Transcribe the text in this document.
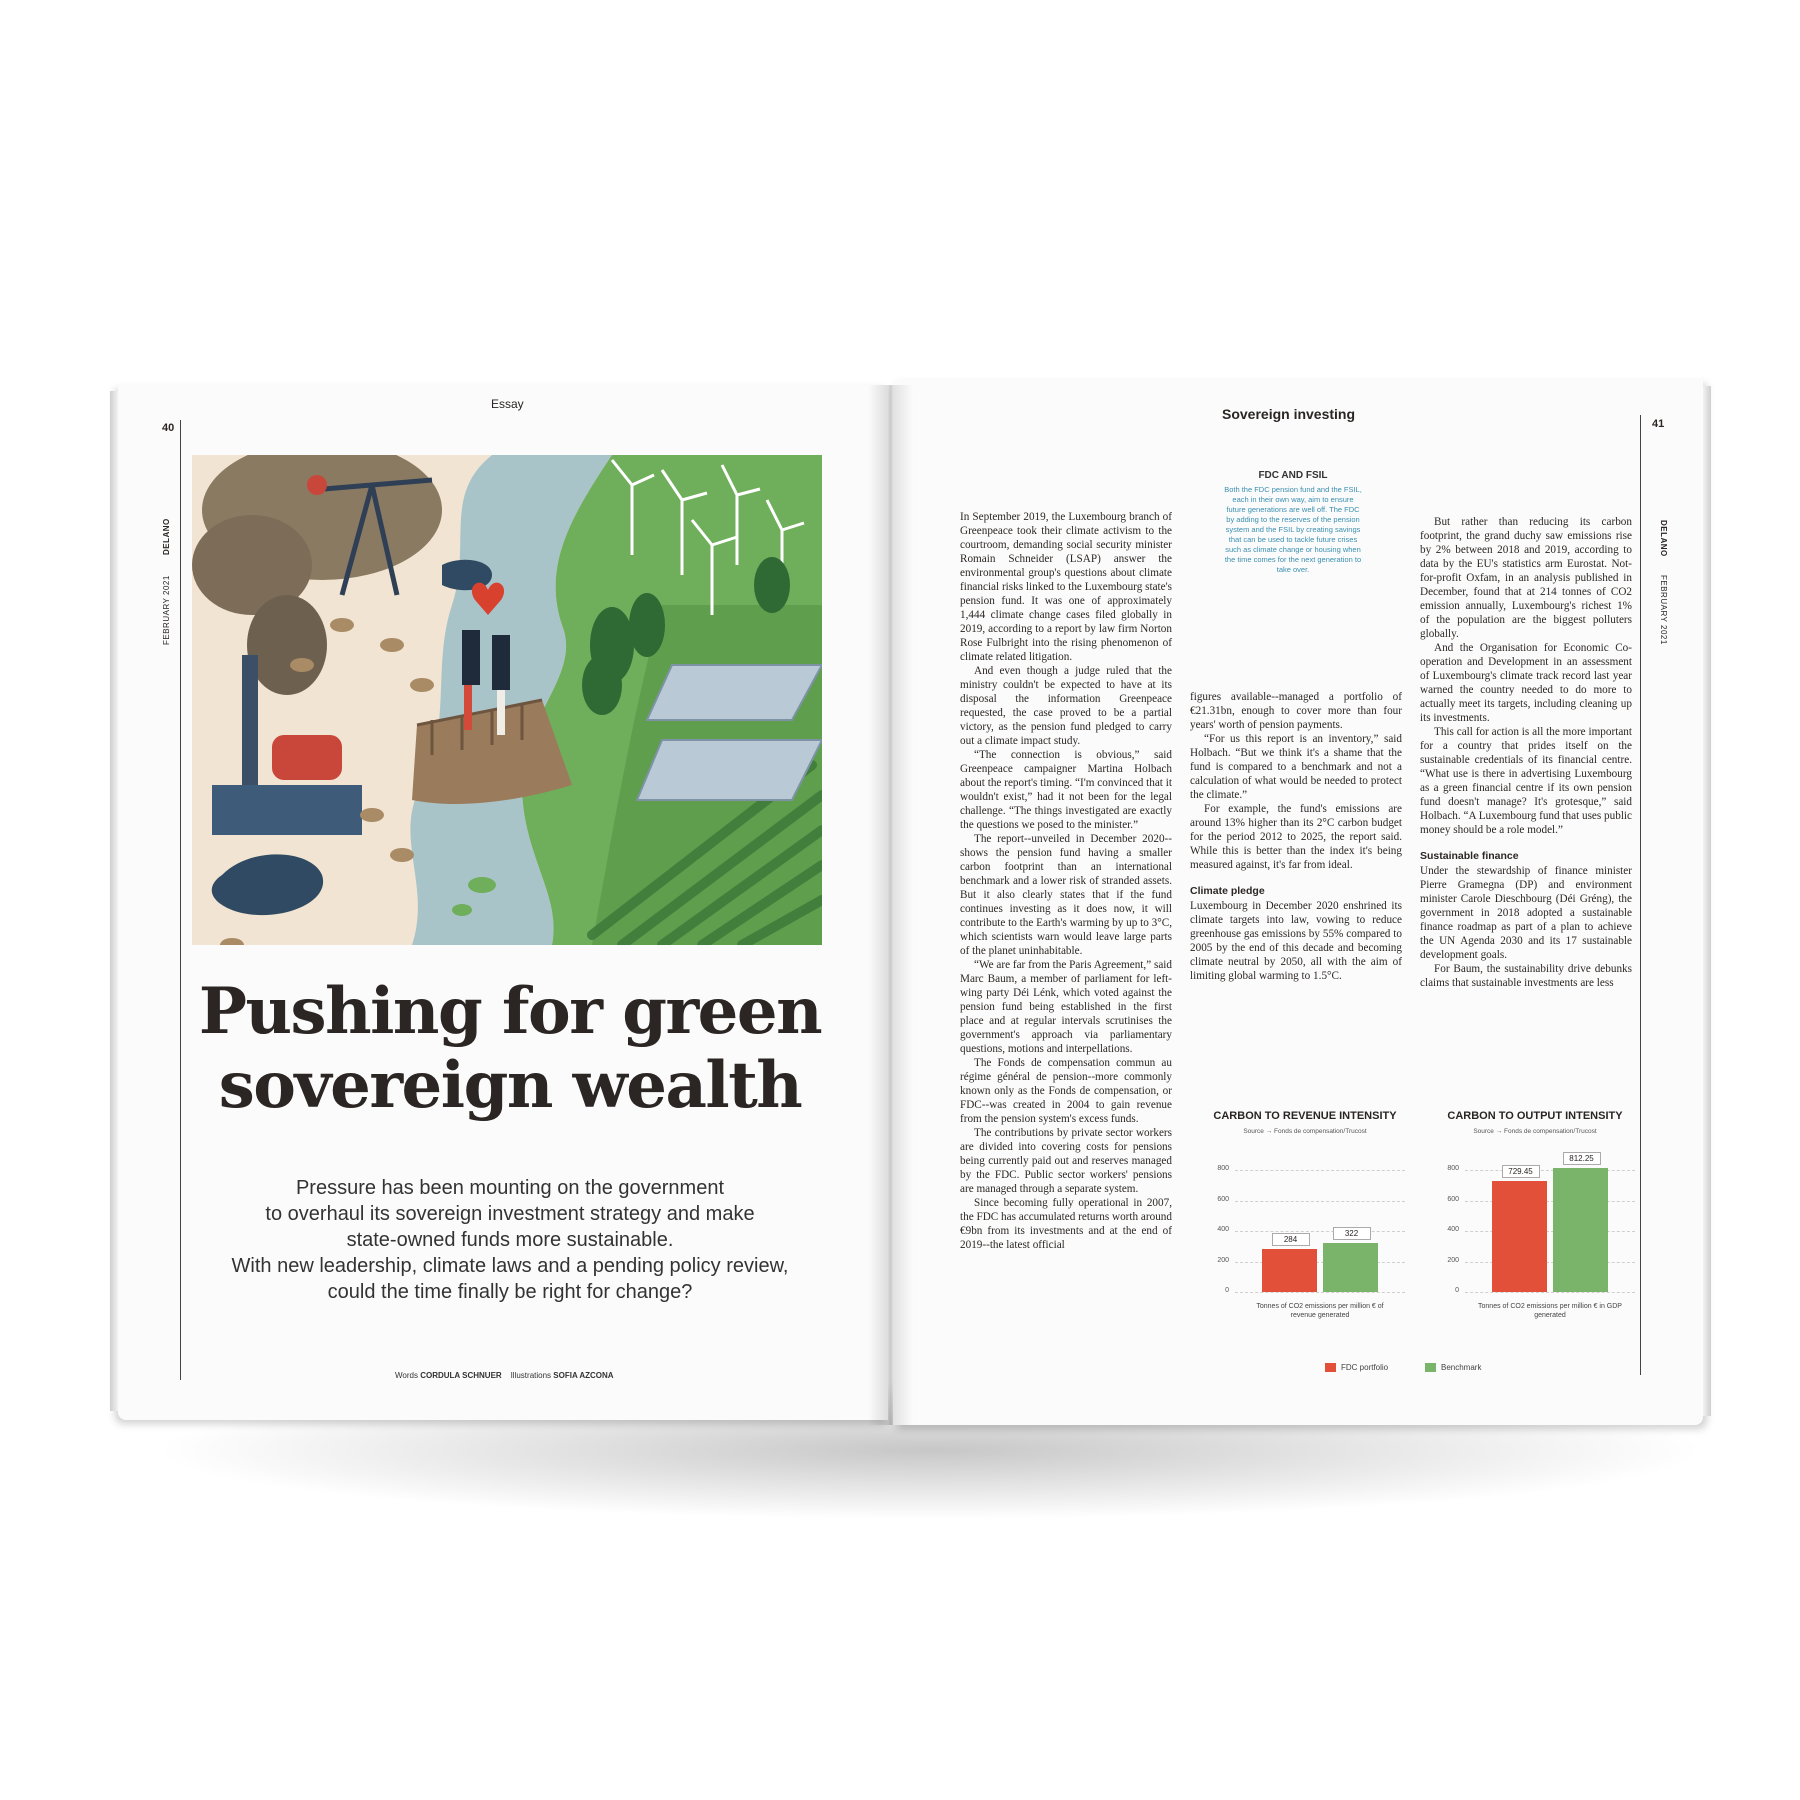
Essay
40
DELANO
FEBRUARY 2021
Pushing for green
sovereign wealth
Pressure has been mounting on the government
to overhaul its sovereign investment strategy and make
state-owned funds more sustainable.
With new leadership, climate laws and a pending policy review,
could the time finally be right for change?
Words CORDULA SCHNUER Illustrations SOFIA AZCONA
Sovereign investing
41
DELANO
FEBRUARY 2021
FDC AND FSIL
Both the FDC pension fund and the FSIL, each in their own way, aim to ensure future generations are well off. The FDC by adding to the reserves of the pension system and the FSIL by creating savings that can be used to tackle future crises such as climate change or housing when the time comes for the next generation to take over.

In September 2019, the Luxembourg branch of Greenpeace took their climate activism to the courtroom, demanding social security minister Romain Schneider (LSAP) answer the environmental group's questions about climate financial risks linked to the Luxembourg state's pension fund. It was one of approximately 1,444 climate change cases filed globally in 2019, according to a report by law firm Norton Rose Fulbright into the rising phenomenon of climate related litigation.

And even though a judge ruled that the ministry couldn't be expected to have at its disposal the information Greenpeace requested, the case proved to be a partial victory, as the pension fund pledged to carry out a climate impact study.

“The connection is obvious,” said Greenpeace campaigner Martina Holbach about the report's timing. “I'm convinced that it wouldn't exist,” had it not been for the legal challenge. “The things investigated are exactly the questions we posed to the minister.”

The report--unveiled in December 2020--shows the pension fund having a smaller carbon footprint than an international benchmark and a lower risk of stranded assets. But it also clearly states that if the fund continues investing as it does now, it will contribute to the Earth's warming by up to 3°C, which scientists warn would leave large parts of the planet uninhabitable.

“We are far from the Paris Agreement,” said Marc Baum, a member of parliament for left-wing party Déi Lénk, which voted against the pension fund being established in the first place and at regular intervals scrutinises the government's approach via parliamentary questions, motions and interpellations.

The Fonds de compensation commun au régime général de pension--more commonly known only as the Fonds de compensation, or FDC--was created in 2004 to gain revenue from the pension system's excess funds.

The contributions by private sector workers are divided into covering costs for pensions being currently paid out and reserves managed by the FDC. Public sector workers' pensions are managed through a separate system.

Since becoming fully operational in 2007, the FDC has accumulated returns worth around €9bn from its investments and at the end of 2019--the latest official

figures available--managed a portfolio of €21.31bn, enough to cover more than four years' worth of pension payments.

“For us this report is an inventory,” said Holbach. “But we think it's a shame that the fund is compared to a benchmark and not a calculation of what would be needed to protect the climate.”

For example, the fund's emissions are around 13% higher than its 2°C carbon budget for the period 2012 to 2025, the report said. While this is better than the index it's being measured against, it's far from ideal.

Climate pledge

Luxembourg in December 2020 enshrined its climate targets into law, vowing to reduce greenhouse gas emissions by 55% compared to 2005 by the end of this decade and becoming climate neutral by 2050, all with the aim of limiting global warming to 1.5°C.

But rather than reducing its carbon footprint, the grand duchy saw emissions rise by 2% between 2018 and 2019, according to data by the EU's statistics arm Eurostat. Not-for-profit Oxfam, in an analysis published in December, found that at 214 tonnes of CO2 emission annually, Luxembourg's richest 1% of the population are the biggest polluters globally.

And the Organisation for Economic Co-operation and Development in an assessment of Luxembourg's climate track record last year warned the country needed to do more to actually meet its targets, including cleaning up its investments.

This call for action is all the more important for a country that prides itself on the sustainable credentials of its financial centre. “What use is there in advertising Luxembourg as a green financial centre if its own pension fund doesn't manage? It's grotesque,” said Holbach. “A Luxembourg fund that uses public money should be a role model.”

Sustainable finance

Under the stewardship of finance minister Pierre Gramegna (DP) and environment minister Carole Dieschbourg (Déi Gréng), the government in 2018 adopted a sustainable finance roadmap as part of a plan to achieve the UN Agenda 2030 and its 17 sustainable development goals.

For Baum, the sustainability drive debunks claims that sustainable investments are less

CARBON TO REVENUE INTENSITY
Source → Fonds de compensation/Trucost
0
200
400
600
800
284
322
Tonnes of CO2 emissions per million € of revenue generated
CARBON TO OUTPUT INTENSITY
Source → Fonds de compensation/Trucost
0
200
400
600
800	729.45
812.25
Tonnes of CO2 emissions per million € in GDP generated
FDC portfolio	Benchmark
